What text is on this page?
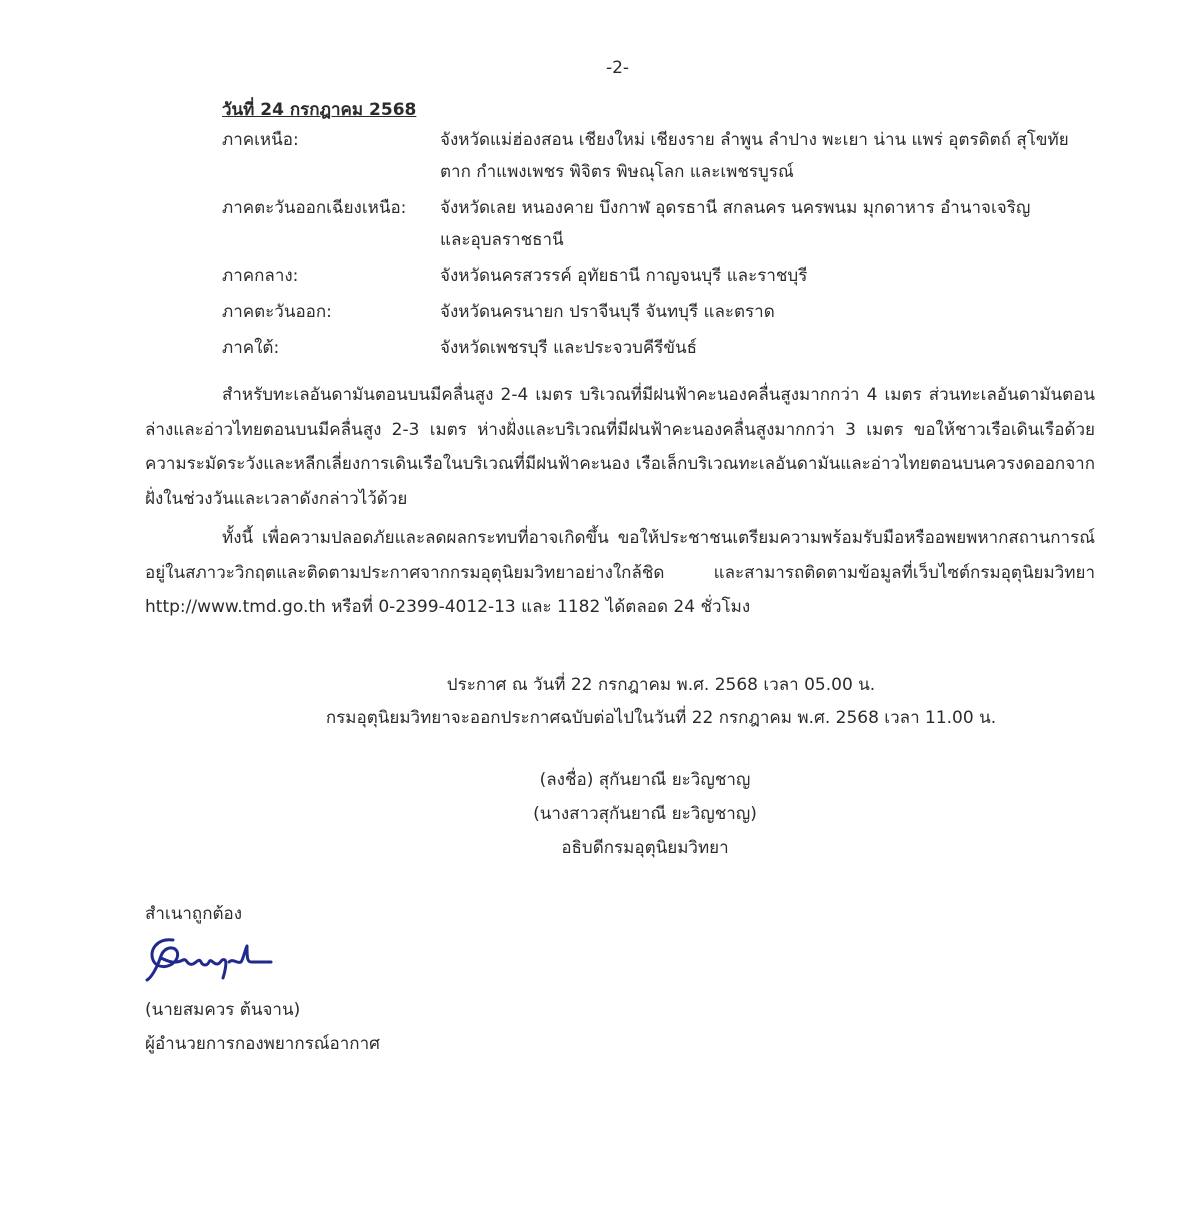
-2-
วันที่ 24 กรกฎาคม 2568
ภาคเหนือ:	จังหวัดแม่ฮ่องสอน เชียงใหม่ เชียงราย ลำพูน ลำปาง พะเยา น่าน แพร่ อุตรดิตถ์ สุโขทัย
ตาก กำแพงเพชร พิจิตร พิษณุโลก และเพชรบูรณ์
ภาคตะวันออกเฉียงเหนือ:	จังหวัดเลย หนองคาย บึงกาฬ อุดรธานี สกลนคร นครพนม มุกดาหาร อำนาจเจริญ
และอุบลราชธานี
ภาคกลาง:	จังหวัดนครสวรรค์ อุทัยธานี กาญจนบุรี และราชบุรี
ภาคตะวันออก:	จังหวัดนครนายก ปราจีนบุรี จันทบุรี และตราด
ภาคใต้:	จังหวัดเพชรบุรี และประจวบคีรีขันธ์
สำหรับทะเลอันดามันตอนบนมีคลื่นสูง 2-4 เมตร บริเวณที่มีฝนฟ้าคะนองคลื่นสูงมากกว่า 4 เมตร ส่วนทะเลอันดามันตอนล่างและอ่าวไทยตอนบนมีคลื่นสูง 2-3 เมตร ห่างฝั่งและบริเวณที่มีฝนฟ้าคะนองคลื่นสูงมากกว่า 3 เมตร ขอให้ชาวเรือเดินเรือด้วยความระมัดระวังและหลีกเลี่ยงการเดินเรือในบริเวณที่มีฝนฟ้าคะนอง เรือเล็กบริเวณทะเลอันดามันและอ่าวไทยตอนบนควรงดออกจากฝั่งในช่วงวันและเวลาดังกล่าวไว้ด้วย
ทั้งนี้ เพื่อความปลอดภัยและลดผลกระทบที่อาจเกิดขึ้น ขอให้ประชาชนเตรียมความพร้อมรับมือหรืออพยพหากสถานการณ์อยู่ในสภาวะวิกฤตและติดตามประกาศจากกรมอุตุนิยมวิทยาอย่างใกล้ชิด และสามารถติดตามข้อมูลที่เว็บไซต์กรมอุตุนิยมวิทยา http://www.tmd.go.th หรือที่ 0-2399-4012-13 และ 1182 ได้ตลอด 24 ชั่วโมง
ประกาศ ณ วันที่ 22 กรกฎาคม พ.ศ. 2568 เวลา 05.00 น.
กรมอุตุนิยมวิทยาจะออกประกาศฉบับต่อไปในวันที่ 22 กรกฎาคม พ.ศ. 2568 เวลา 11.00 น.
(ลงชื่อ) สุกันยาณี ยะวิญชาญ
(นางสาวสุกันยาณี ยะวิญชาญ)
อธิบดีกรมอุตุนิยมวิทยา
สำเนาถูกต้อง
(นายสมควร ต้นจาน)
ผู้อำนวยการกองพยากรณ์อากาศ
